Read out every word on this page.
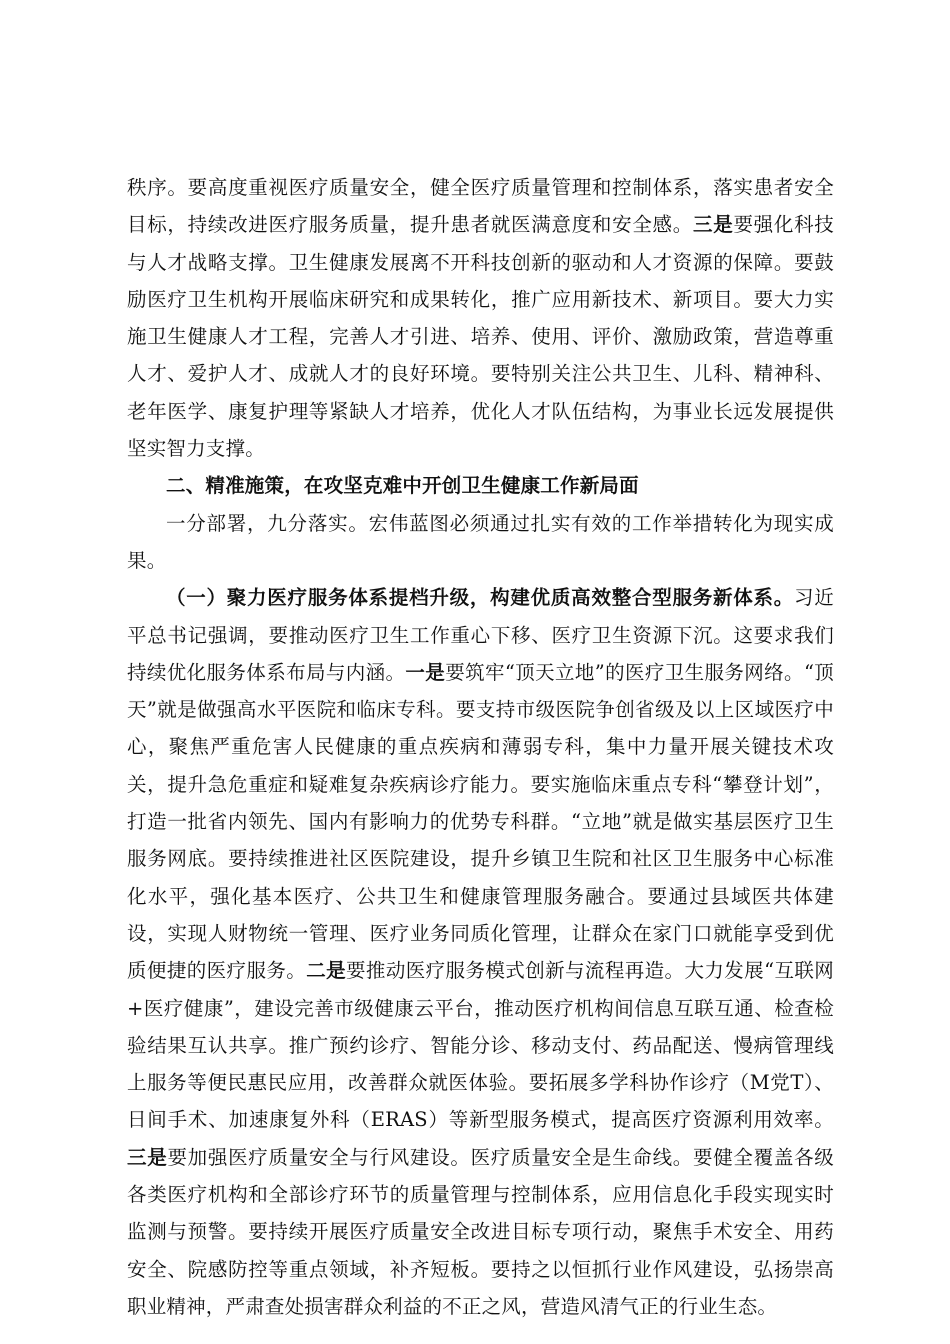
秩序。要高度重视医疗质量安全，健全医疗质量管理和控制体系，落实患者安全目标，持续改进医疗服务质量，提升患者就医满意度和安全感。三是要强化科技与人才战略支撑。卫生健康发展离不开科技创新的驱动和人才资源的保障。要鼓励医疗卫生机构开展临床研究和成果转化，推广应用新技术、新项目。要大力实施卫生健康人才工程，完善人才引进、培养、使用、评价、激励政策，营造尊重人才、爱护人才、成就人才的良好环境。要特别关注公共卫生、儿科、精神科、老年医学、康复护理等紧缺人才培养，优化人才队伍结构，为事业长远发展提供坚实智力支撑。

二、精准施策，在攻坚克难中开创卫生健康工作新局面

一分部署，九分落实。宏伟蓝图必须通过扎实有效的工作举措转化为现实成果。

（一）聚力医疗服务体系提档升级，构建优质高效整合型服务新体系。习近平总书记强调，要推动医疗卫生工作重心下移、医疗卫生资源下沉。这要求我们持续优化服务体系布局与内涵。一是要筑牢“顶天立地”的医疗卫生服务网络。“顶天”就是做强高水平医院和临床专科。要支持市级医院争创省级及以上区域医疗中心，聚焦严重危害人民健康的重点疾病和薄弱专科，集中力量开展关键技术攻关，提升急危重症和疑难复杂疾病诊疗能力。要实施临床重点专科“攀登计划”，打造一批省内领先、国内有影响力的优势专科群。“立地”就是做实基层医疗卫生服务网底。要持续推进社区医院建设，提升乡镇卫生院和社区卫生服务中心标准化水平，强化基本医疗、公共卫生和健康管理服务融合。要通过县域医共体建设，实现人财物统一管理、医疗业务同质化管理，让群众在家门口就能享受到优质便捷的医疗服务。二是要推动医疗服务模式创新与流程再造。大力发展“互联网+医疗健康”，建设完善市级健康云平台，推动医疗机构间信息互联互通、检查检验结果互认共享。推广预约诊疗、智能分诊、移动支付、药品配送、慢病管理线上服务等便民惠民应用，改善群众就医体验。要拓展多学科协作诊疗（M党T）、日间手术、加速康复外科（ERAS）等新型服务模式，提高医疗资源利用效率。三是要加强医疗质量安全与行风建设。医疗质量安全是生命线。要健全覆盖各级各类医疗机构和全部诊疗环节的质量管理与控制体系，应用信息化手段实现实时监测与预警。要持续开展医疗质量安全改进目标专项行动，聚焦手术安全、用药安全、院感防控等重点领域，补齐短板。要持之以恒抓行业作风建设，弘扬崇高职业精神，严肃查处损害群众利益的不正之风，营造风清气正的行业生态。
